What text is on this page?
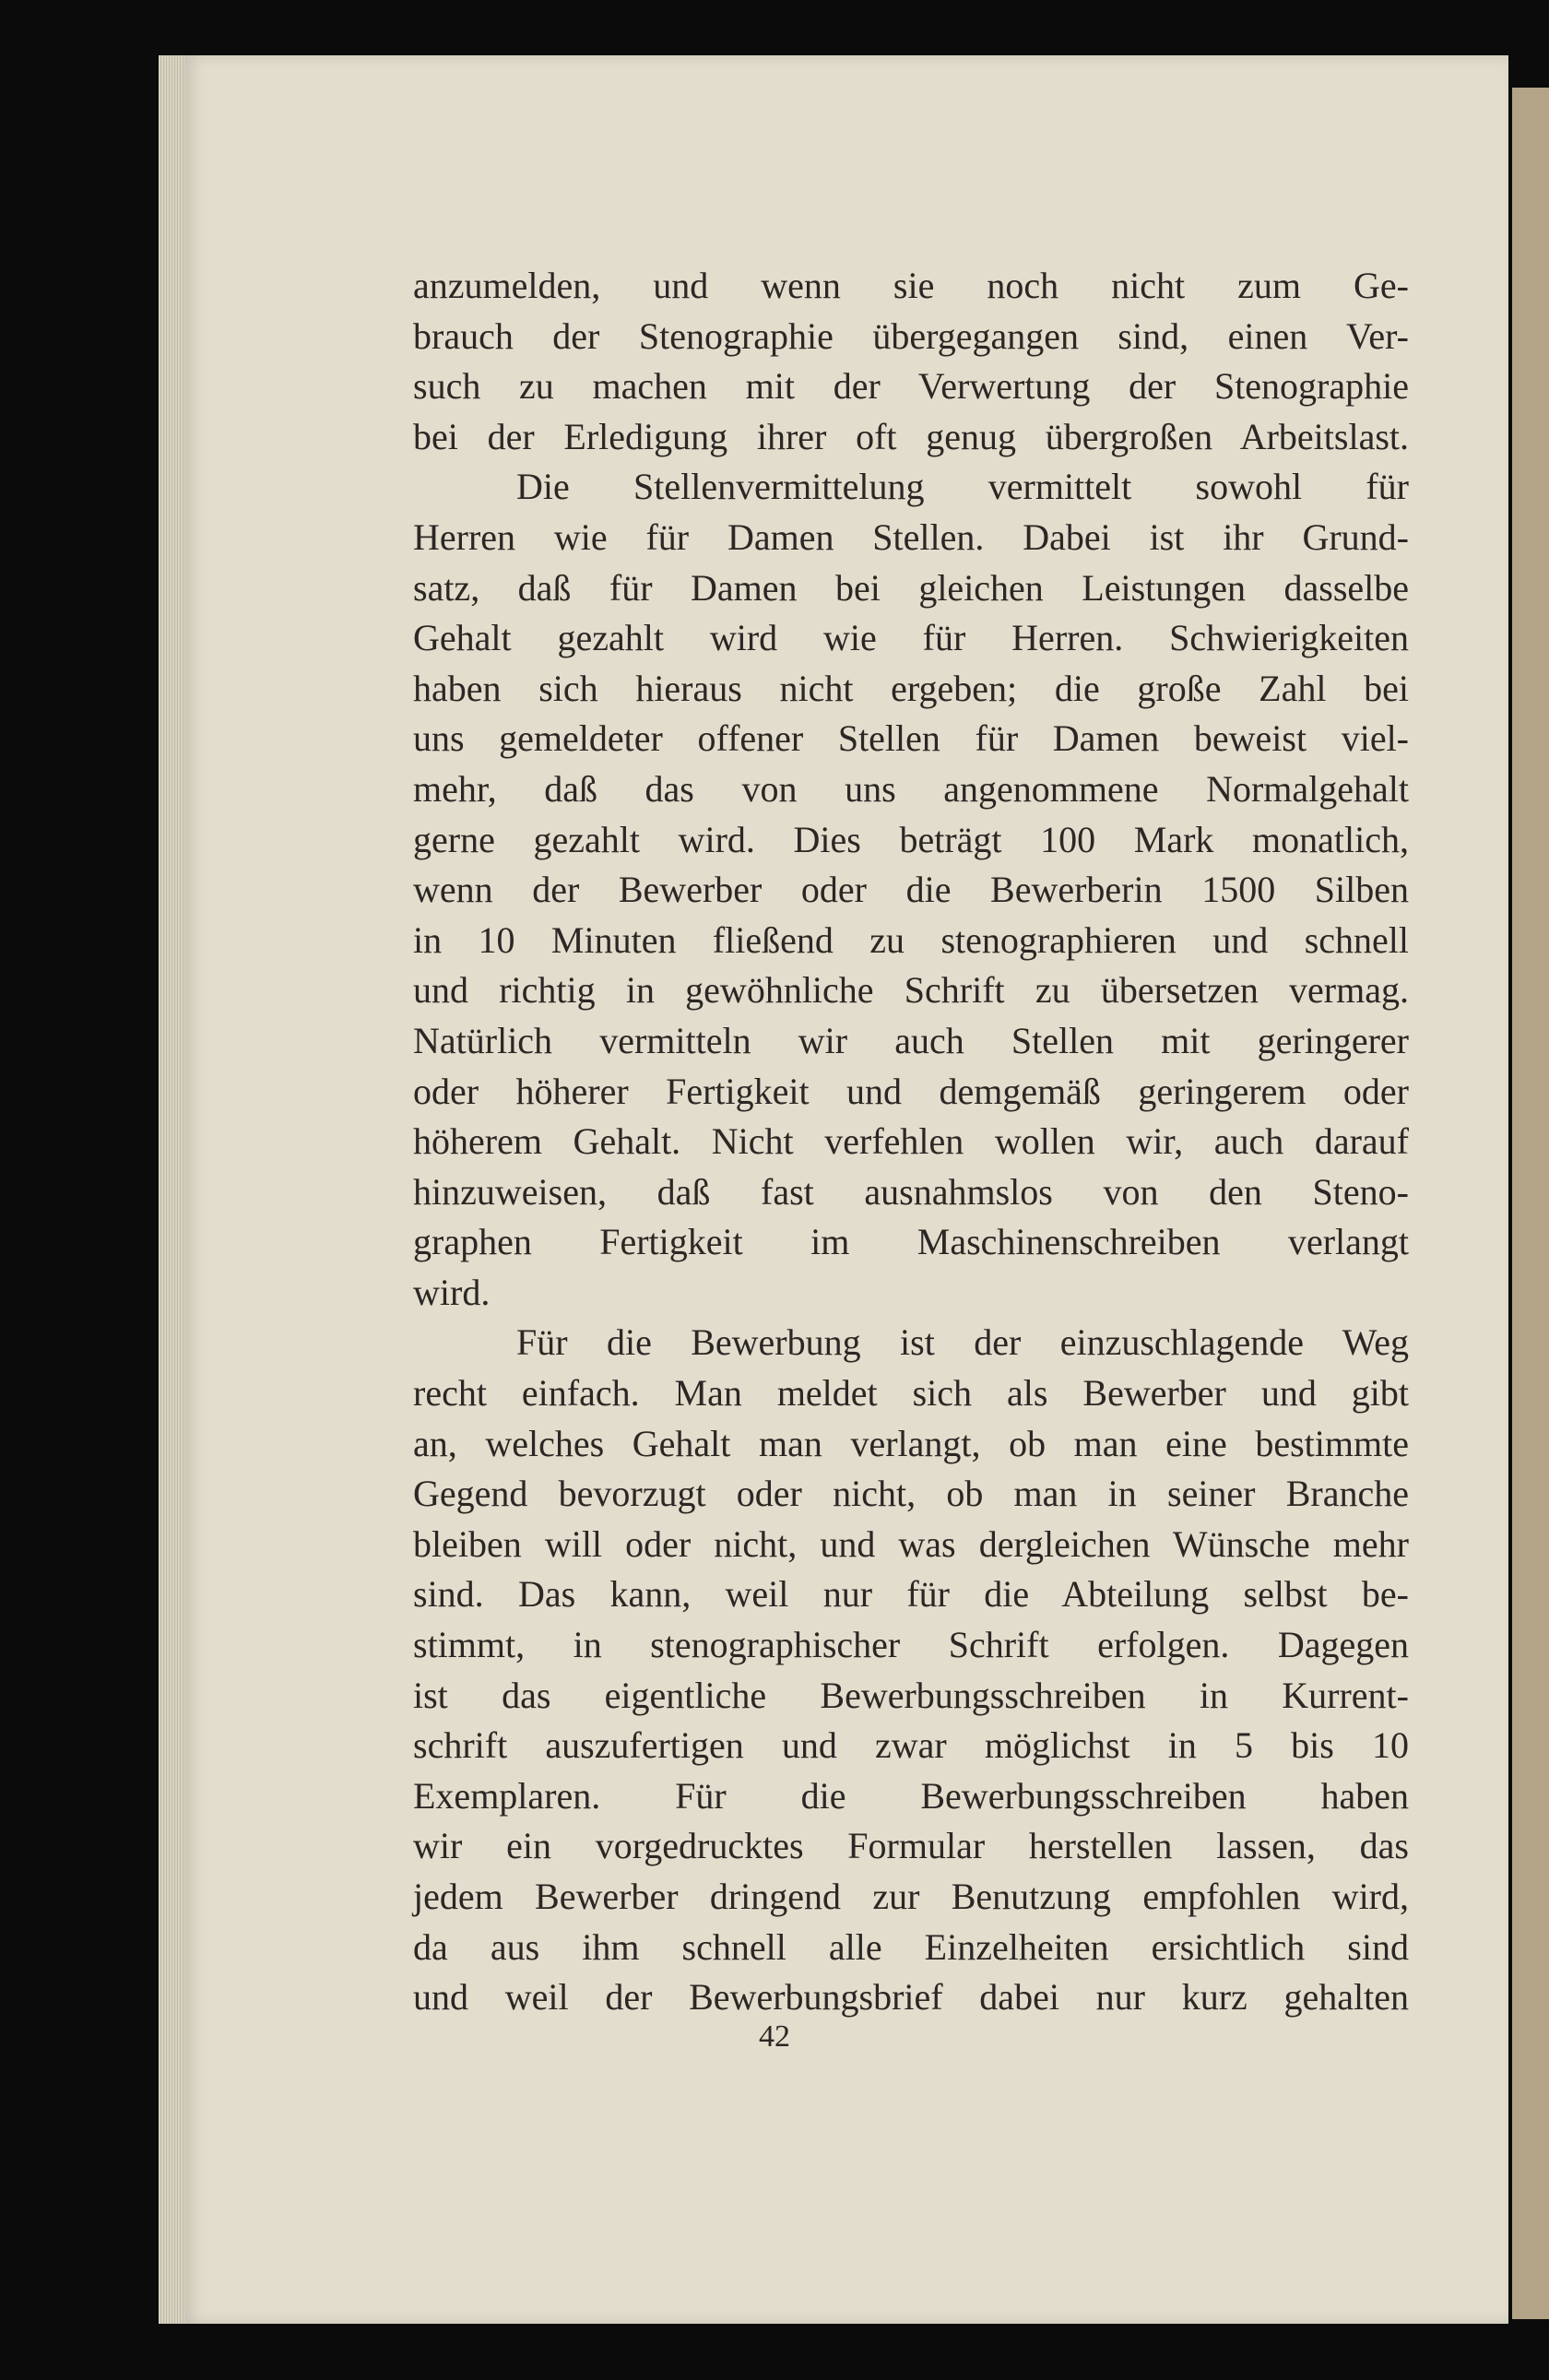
anzumelden, und wenn sie noch nicht zum Ge-
brauch der Stenographie übergegangen sind, einen Ver-
such zu machen mit der Verwertung der Stenographie
bei der Erledigung ihrer oft genug übergroßen Arbeitslast.
Die Stellenvermittelung vermittelt sowohl für
Herren wie für Damen Stellen. Dabei ist ihr Grund-
satz, daß für Damen bei gleichen Leistungen dasselbe
Gehalt gezahlt wird wie für Herren. Schwierigkeiten
haben sich hieraus nicht ergeben; die große Zahl bei
uns gemeldeter offener Stellen für Damen beweist viel-
mehr, daß das von uns angenommene Normalgehalt
gerne gezahlt wird. Dies beträgt 100 Mark monatlich,
wenn der Bewerber oder die Bewerberin 1500 Silben
in 10 Minuten fließend zu stenographieren und schnell
und richtig in gewöhnliche Schrift zu übersetzen vermag.
Natürlich vermitteln wir auch Stellen mit geringerer
oder höherer Fertigkeit und demgemäß geringerem oder
höherem Gehalt. Nicht verfehlen wollen wir, auch darauf
hinzuweisen, daß fast ausnahmslos von den Steno-
graphen Fertigkeit im Maschinenschreiben verlangt
wird.
Für die Bewerbung ist der einzuschlagende Weg
recht einfach. Man meldet sich als Bewerber und gibt
an, welches Gehalt man verlangt, ob man eine bestimmte
Gegend bevorzugt oder nicht, ob man in seiner Branche
bleiben will oder nicht, und was dergleichen Wünsche mehr
sind. Das kann, weil nur für die Abteilung selbst be-
stimmt, in stenographischer Schrift erfolgen. Dagegen
ist das eigentliche Bewerbungsschreiben in Kurrent-
schrift auszufertigen und zwar möglichst in 5 bis 10
Exemplaren. Für die Bewerbungsschreiben haben
wir ein vorgedrucktes Formular herstellen lassen, das
jedem Bewerber dringend zur Benutzung empfohlen wird,
da aus ihm schnell alle Einzelheiten ersichtlich sind
und weil der Bewerbungsbrief dabei nur kurz gehalten
42
